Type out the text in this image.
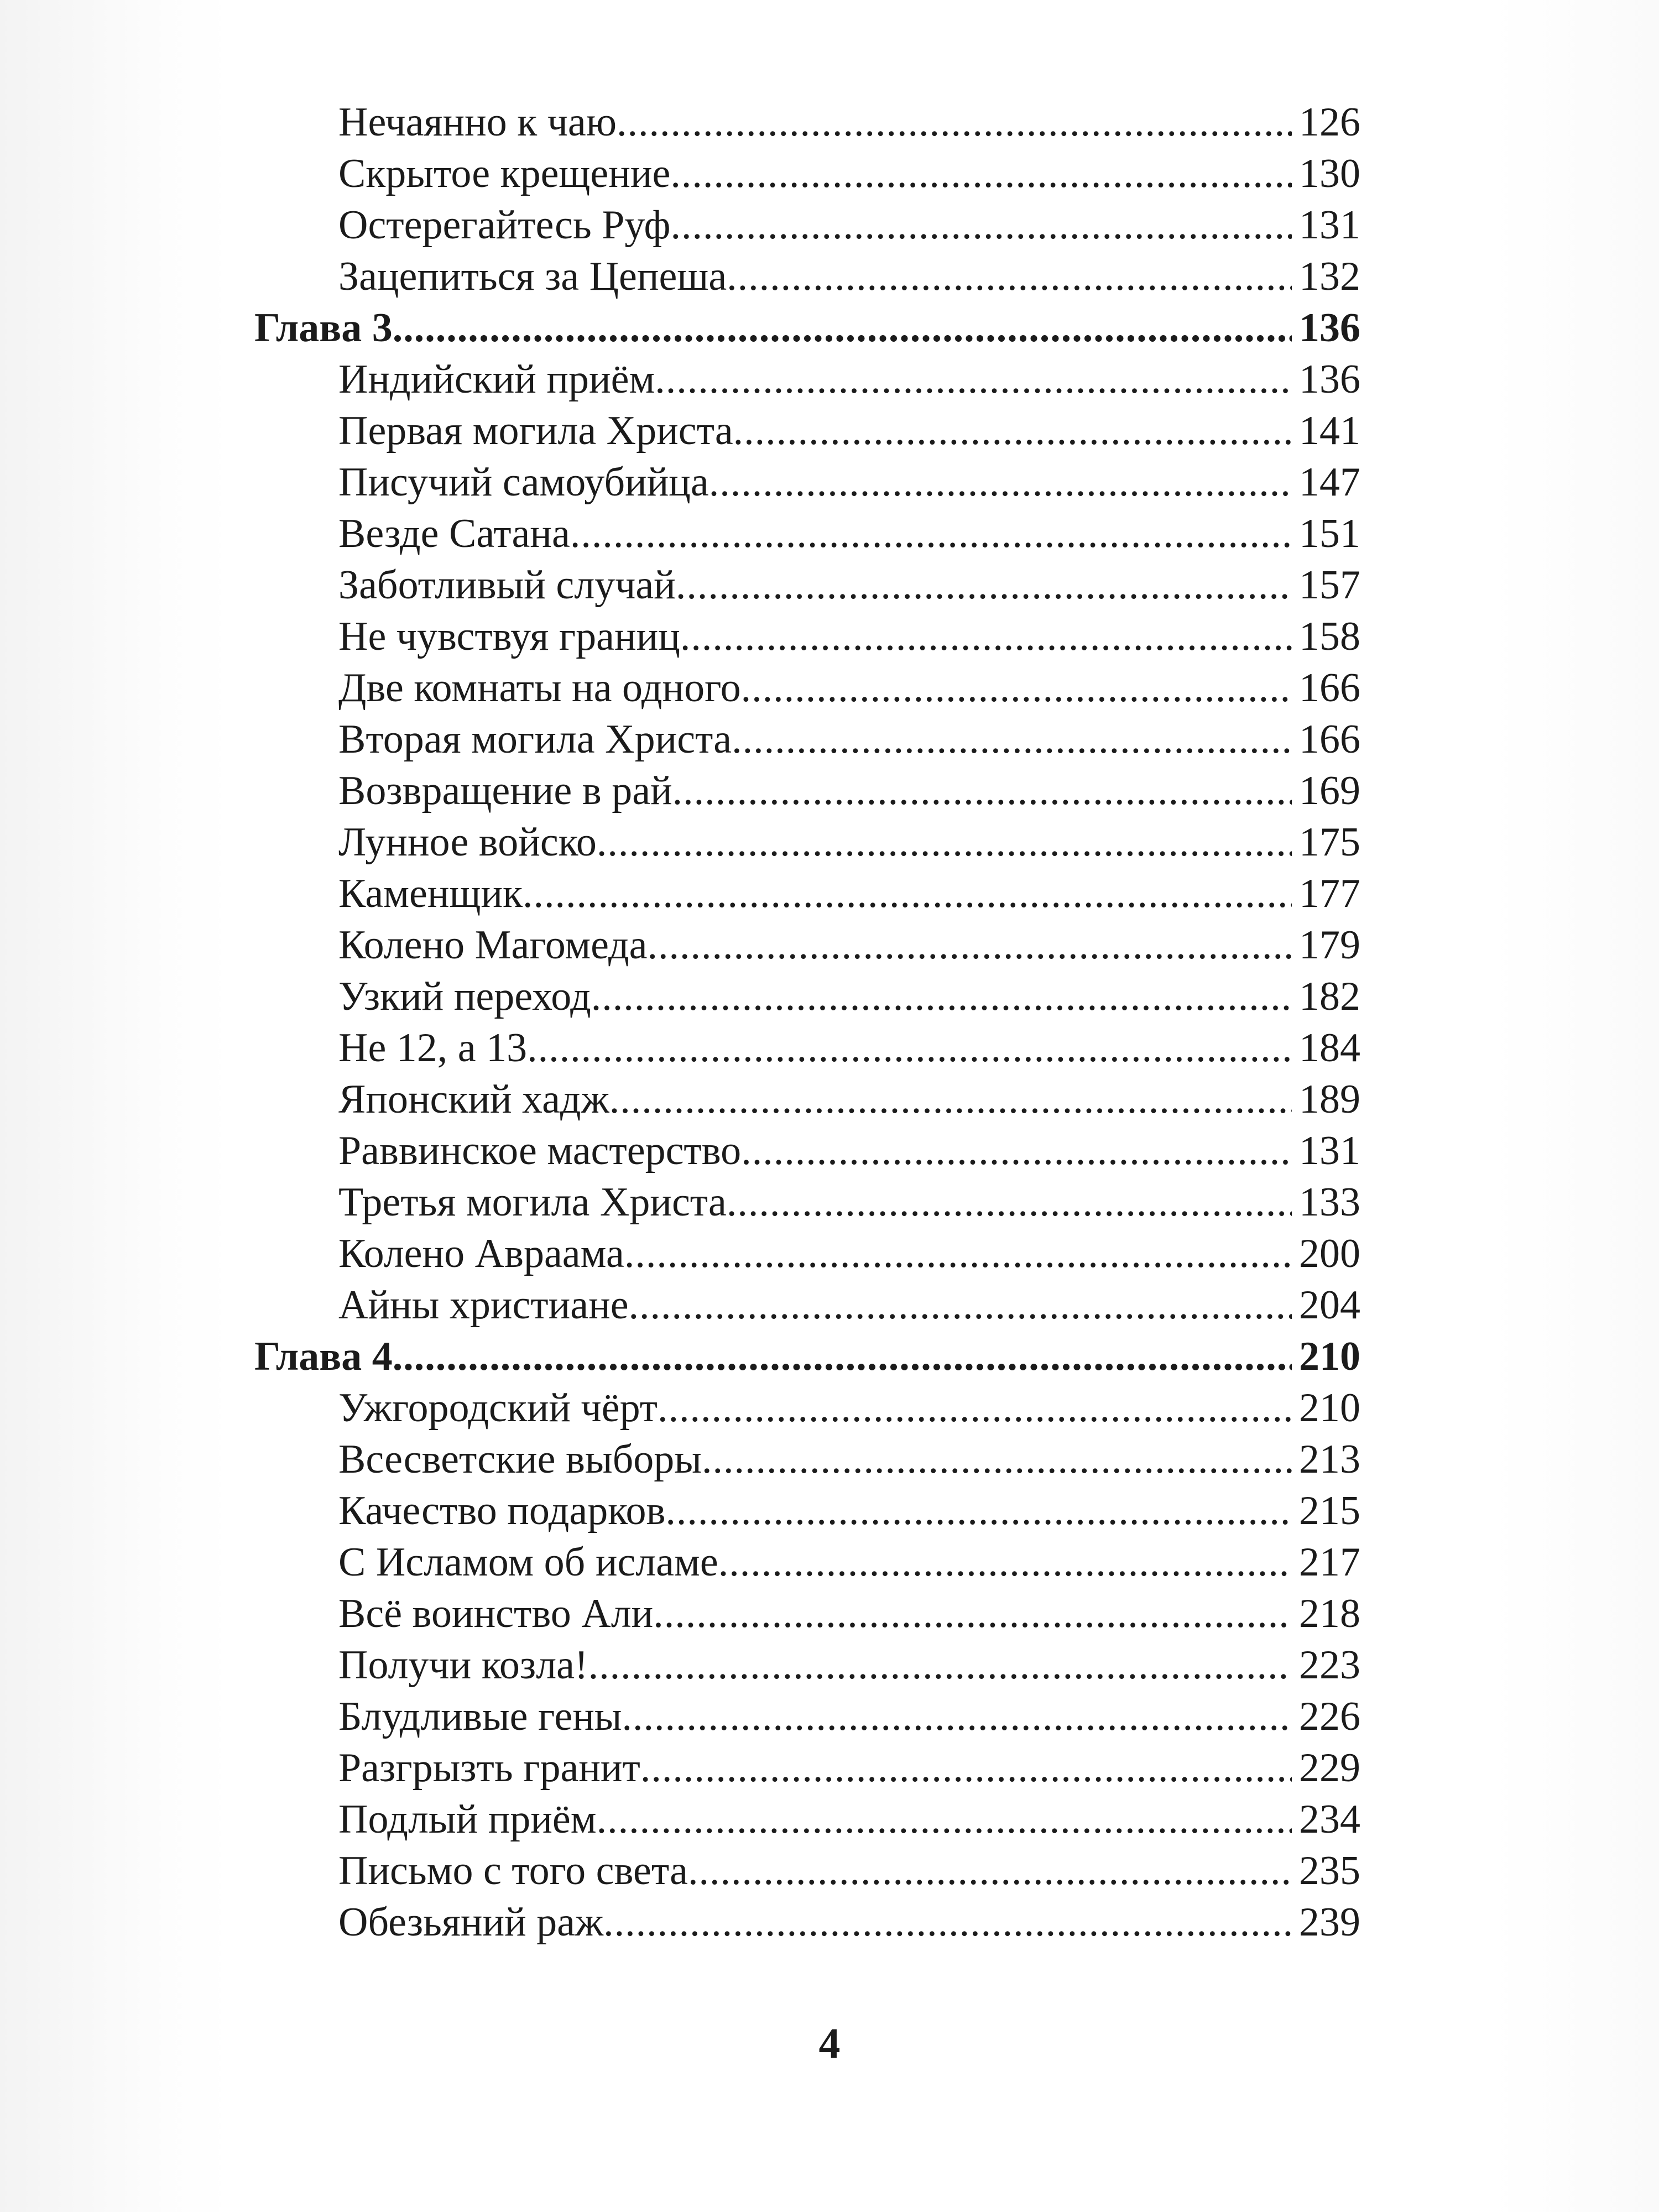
Нечаянно к чаю .....	126
Скрытое крещение .....	130
Остерегайтесь Руф .....	131
Зацепиться за Цепеша .....	132
Глава 3 .....	136
Индийский приём .....	136
Первая могила Христа .....	141
Писучий самоубийца .....	147
Везде Сатана .....	151
Заботливый случай .....	157
Не чувствуя границ .....	158
Две комнаты на одного .....	166
Вторая могила Христа .....	166
Возвращение в рай .....	169
Лунное войско .....	175
Каменщик .....	177
Колено Магомеда .....	179
Узкий переход .....	182
Не 12, а 13 .....	184
Японский хадж .....	189
Раввинское мастерство .....	131
Третья могила Христа .....	133
Колено Авраама .....	200
Айны христиане .....	204
Глава 4 .....	210
Ужгородский чёрт .....	210
Всесветские выборы .....	213
Качество подарков .....	215
С Исламом об исламе .....	217
Всё воинство Али .....	218
Получи козла! .....	223
Блудливые гены .....	226
Разгрызть гранит .....	229
Подлый приём .....	234
Письмо с того света .....	235
Обезьяний раж .....	239
4
